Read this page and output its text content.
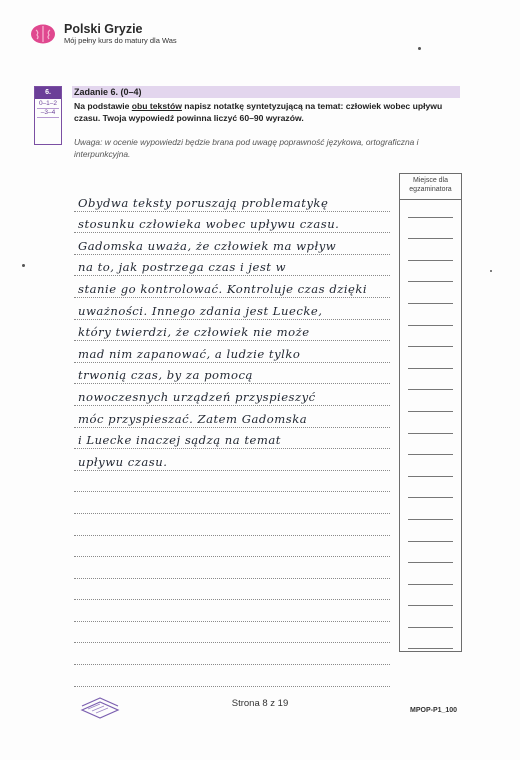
Polski Gryzie
Mój pełny kurs do matury dla Was
6.
0–1–2
–3–4
Zadanie 6. (0–4)
Na podstawie obu tekstów napisz notatkę syntetyzującą na temat: człowiek wobec upływu czasu. Twoja wypowiedź powinna liczyć 60–90 wyrazów.
Uwaga: w ocenie wypowiedzi będzie brana pod uwagę poprawność językowa, ortograficzna i interpunkcyjna.
Obydwa teksty poruszają problematykę
stosunku człowieka wobec upływu czasu.
Gadomska uważa, że człowiek ma wpływ
na to, jak postrzega czas i jest w
stanie go kontrolować. Kontroluje czas dzięki
uważności. Innego zdania jest Luecke,
który twierdzi, że człowiek nie może
mad nim zapanować, a ludzie tylko
trwonią czas, by za pomocą
nowoczesnych urządzeń przyspieszyć
móc przyspieszać. Zatem Gadomska
i Luecke inaczej sądzą na temat
upływu czasu.
Miejsce dla egzaminatora
Strona 8 z 19
MPOP-P1_100
